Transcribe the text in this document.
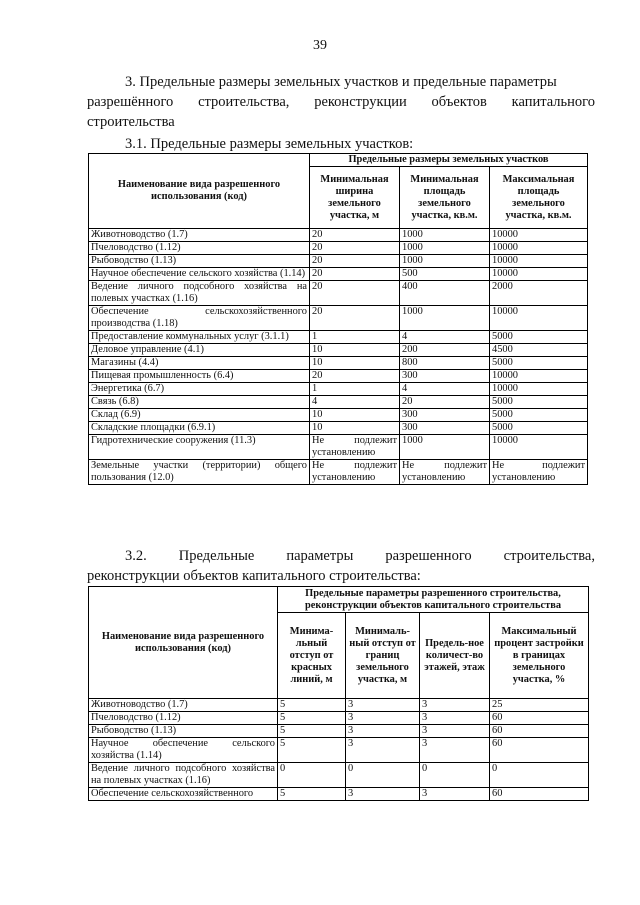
39
3. Предельные размеры земельных участков и предельные параметры
разрешённого строительства, реконструкции объектов капитального
строительства
3.1. Предельные размеры земельных участков:
Наименование вида разрешенного использования (код)	Предельные размеры земельных участков		
	Минимальная ширина земельного участка, м	Минимальная площадь земельного участка, кв.м.	Максимальная площадь земельного участка, кв.м.
Животноводство (1.7)	20	1000	10000
Пчеловодство (1.12)	20	1000	10000
Рыбоводство (1.13)	20	1000	10000
Научное обеспечение сельского хозяйства (1.14)	20	500	10000
Ведение личного подсобного хозяйства на полевых участках (1.16)	20	400	2000
Обеспечение сельскохозяйственного производства (1.18)	20	1000	10000
Предоставление коммунальных услуг (3.1.1)	1	4	5000
Деловое управление (4.1)	10	200	4500
Магазины (4.4)	10	800	5000
Пищевая промышленность (6.4)	20	300	10000
Энергетика (6.7)	1	4	10000
Связь (6.8)	4	20	5000
Склад (6.9)	10	300	5000
Складские площадки (6.9.1)	10	300	5000
Гидротехнические сооружения (11.3)	Не подлежит установлению	1000	10000
Земельные участки (территории) общего пользования (12.0)	Не подлежит установлению	Не подлежит установлению	Не подлежит установлению
3.2. Предельные параметры разрешенного строительства,
реконструкции объектов капитального строительства:
Наименование вида разрешенного использования (код)	Предельные параметры разрешенного строительства, реконструкции объектов капитального строительства			
	Минима-льный отступ от красных линий, м	Минималь-ный отступ от границ земельного участка, м	Предель-ное количест-во этажей, этаж	Максимальный процент застройки в границах земельного участка, %
Животноводство (1.7)	5	3	3	25
Пчеловодство (1.12)	5	3	3	60
Рыбоводство (1.13)	5	3	3	60
Научное обеспечение сельского хозяйства (1.14)	5	3	3	60
Ведение личного подсобного хозяйства на полевых участках (1.16)	0	0	0	0
Обеспечение сельскохозяйственного	5	3	3	60
